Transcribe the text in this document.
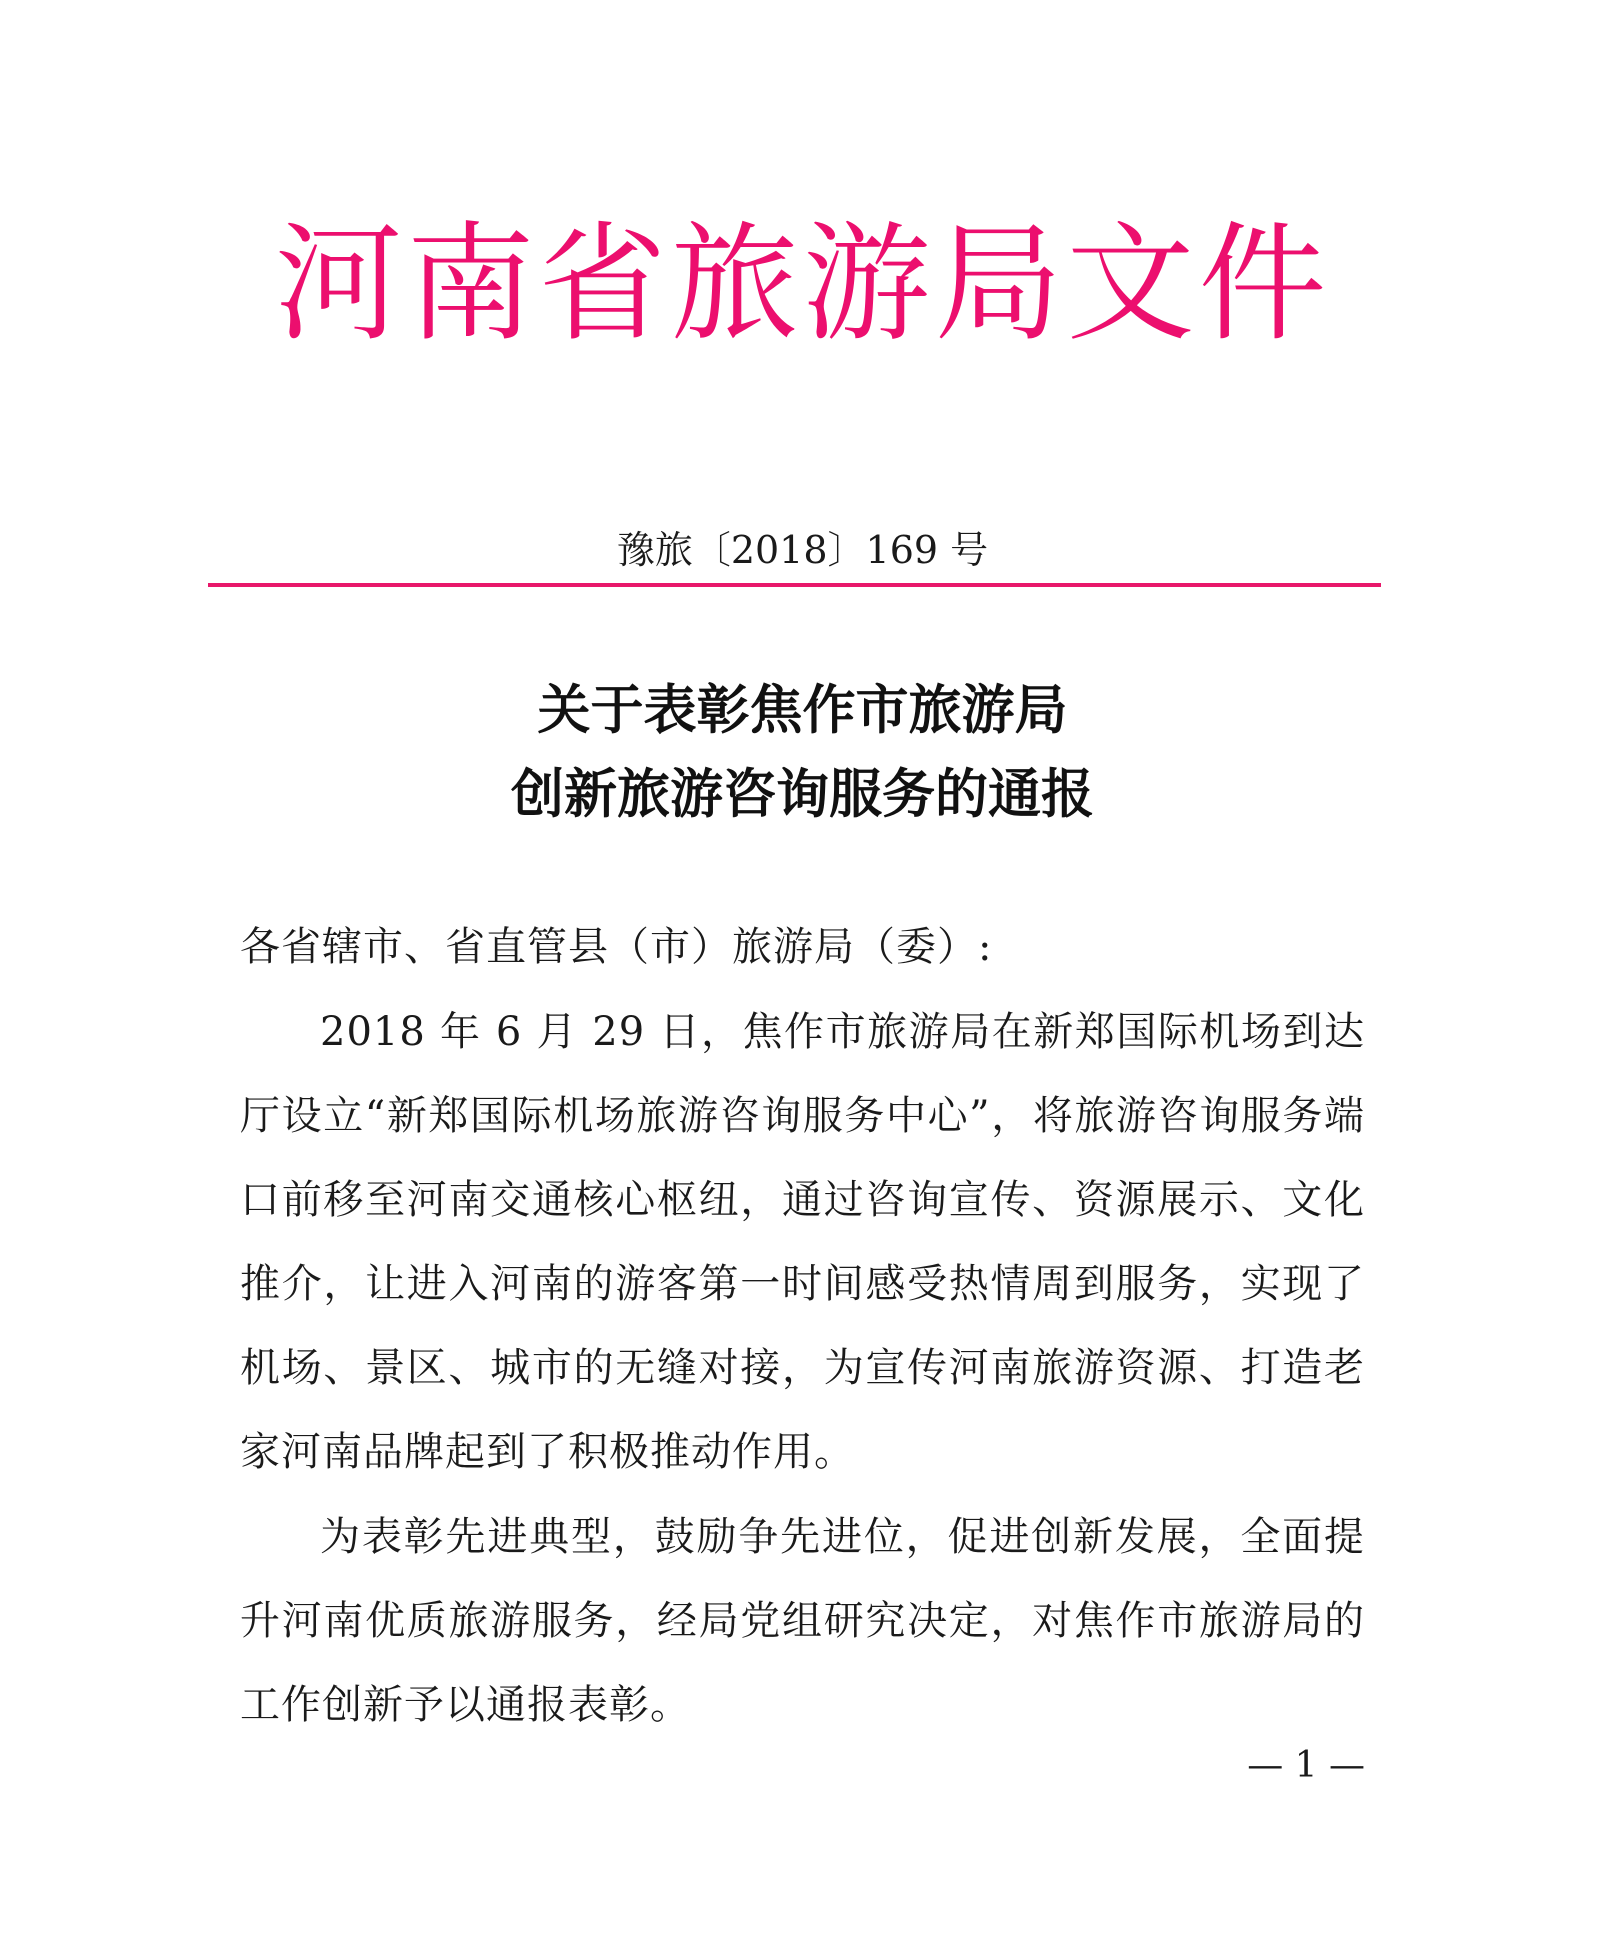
河南省旅游局文件
豫旅〔2018〕169 号
关于表彰焦作市旅游局
创新旅游咨询服务的通报
各省辖市、省直管县（市）旅游局（委）:

2018 年 6 月 29 日，焦作市旅游局在新郑国际机场到达厅设立“新郑国际机场旅游咨询服务中心”，将旅游咨询服务端口前移至河南交通核心枢纽，通过咨询宣传、资源展示、文化推介，让进入河南的游客第一时间感受热情周到服务，实现了机场、景区、城市的无缝对接，为宣传河南旅游资源、打造老家河南品牌起到了积极推动作用。

为表彰先进典型，鼓励争先进位，促进创新发展，全面提升河南优质旅游服务，经局党组研究决定，对焦作市旅游局的工作创新予以通报表彰。

— 1 —
